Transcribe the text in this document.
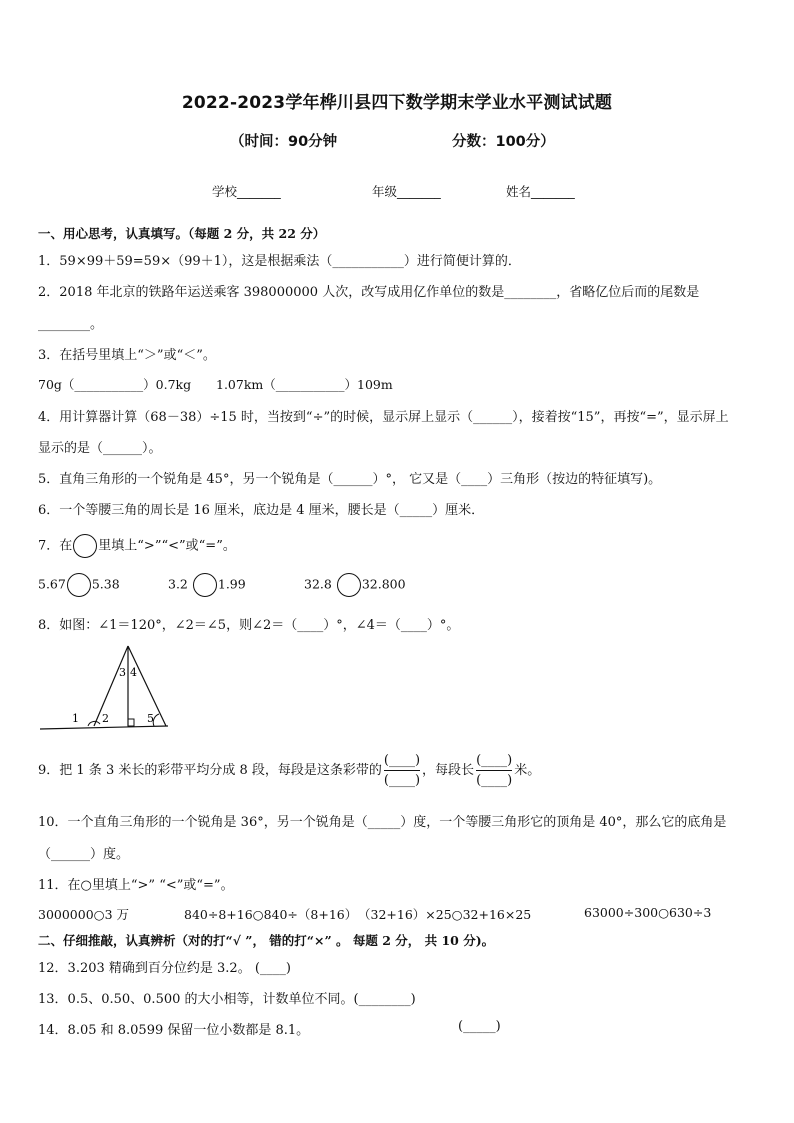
2022-2023学年桦川县四下数学期末学业水平测试试题
（时间：90分钟	分数：100分）
学校_______	年级_______	姓名_______
一、用心思考，认真填写。（每题 2 分，共 22 分）
1．59×99＋59=59×（99＋1），这是根据乘法（___________）进行简便计算的．
2．2018 年北京的铁路年运送乘客 398000000 人次，改写成用亿作单位的数是________，省略亿位后而的尾数是
________。
3．在括号里填上“＞”或“＜”。
70g（___________）0.7kg 1.07km（___________）109m
4．用计算器计算（68－38）÷15 时，当按到“÷”的时候，显示屏上显示（______），接着按“15”，再按“=”，显示屏上
显示的是（______）。
5．直角三角形的一个锐角是 45°，另一个锐角是（______）°， 它又是（____）三角形（按边的特征填写)。
6．一个等腰三角的周长是 16 厘米，底边是 4 厘米，腰长是（_____）厘米．
7．在 里填上“>”“<”或“=”。
5.67 5.38	3.2 1.99	32.8 32.800
8．如图：∠1＝120°，∠2＝∠5，则∠2＝（____）°，∠4＝（____）°。
1 2
3 4
5
9．把 1 条 3 米长的彩带平均分成 8 段，每段是这条彩带的 $\frac{(\_\_\_\_)}{(\_\_\_\_)}$ ，每段长 $\frac{(\_\_\_\_)}{(\_\_\_\_)}$ 米。
10．一个直角三角形的一个锐角是 36°，另一个锐角是（_____）度，一个等腰三角形它的顶角是 40°，那么它的底角是
（______）度。
11．在○里填上“>” “<”或“=”。
3000000○3 万	840÷8+16○840÷（8+16） （32+16）×25○32+16×25	63000÷300○630÷3
二、仔细推敲，认真辨析（对的打“√ ”， 错的打“×” 。 每题 2 分， 共 10 分)。
12．3.203 精确到百分位约是 3.2。 (____)
13．0.5、0.50、0.500 的大小相等，计数单位不同。(________)
14．8.05 和 8.0599 保留一位小数都是 8.1。	(_____)
